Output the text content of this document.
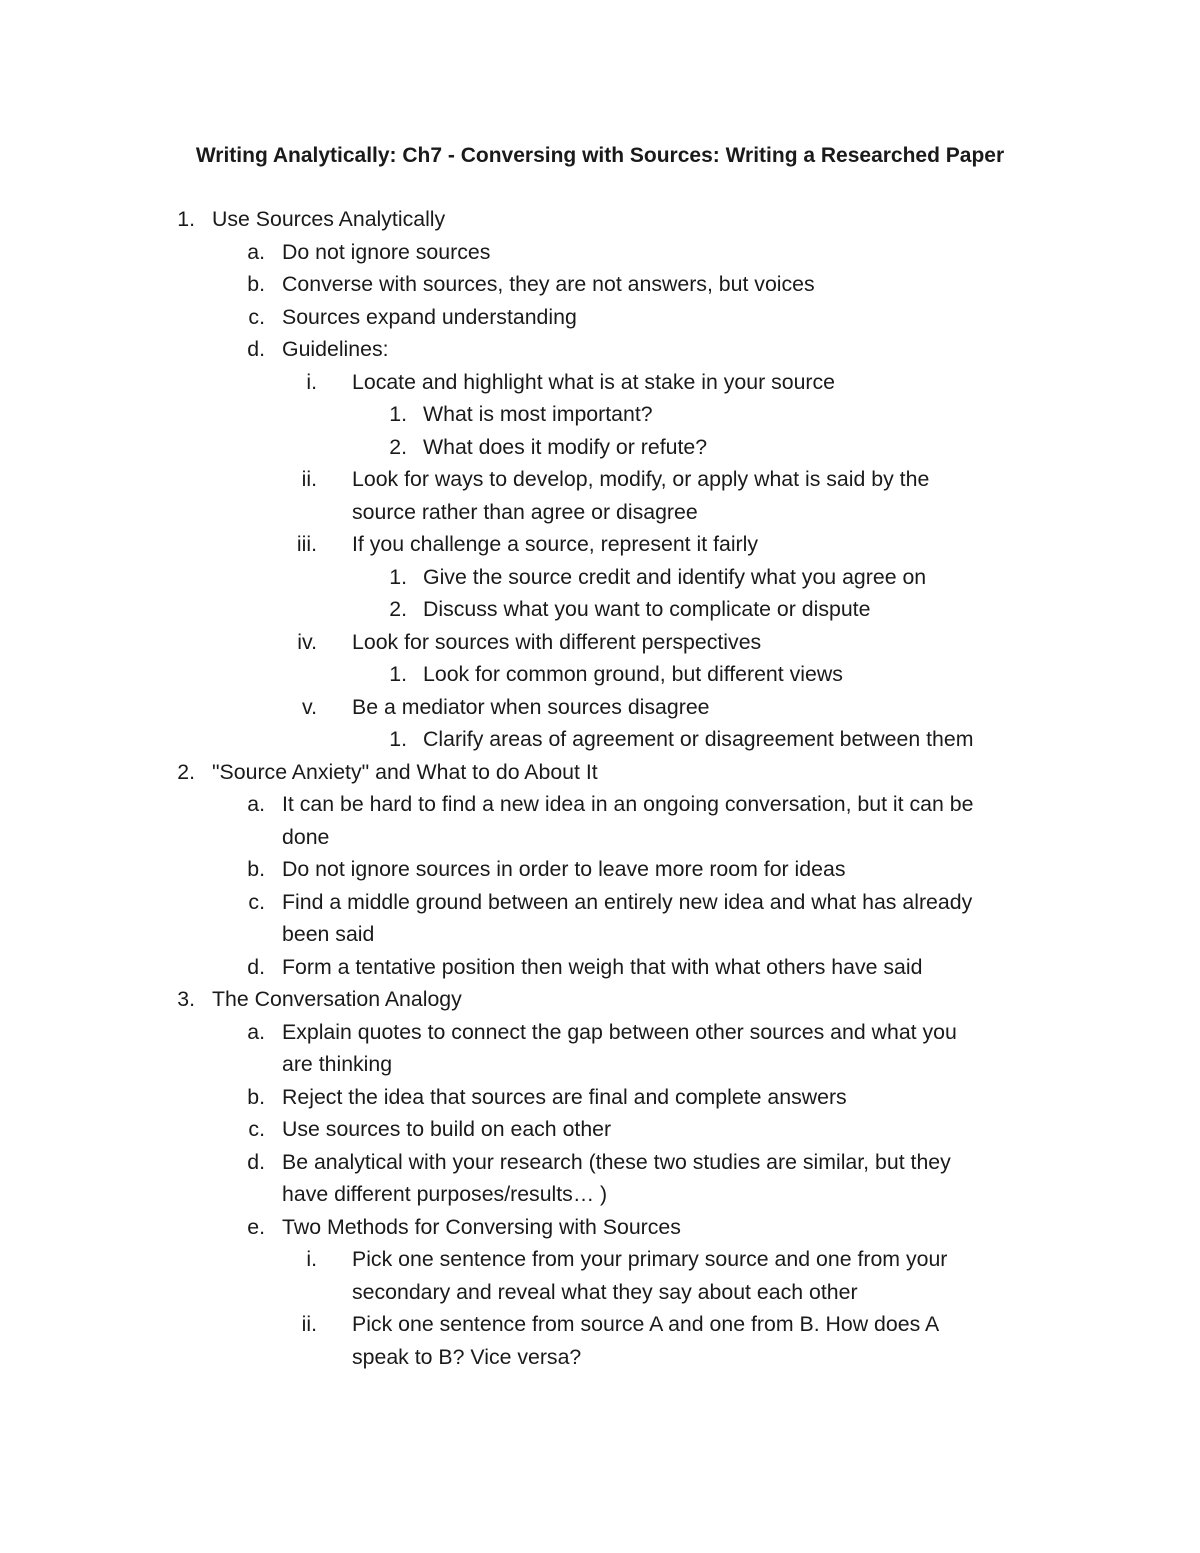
Writing Analytically: Ch7 - Conversing with Sources: Writing a Researched Paper
1. Use Sources Analytically
a. Do not ignore sources
b. Converse with sources, they are not answers, but voices
c. Sources expand understanding
d. Guidelines:
i. Locate and highlight what is at stake in your source
1. What is most important?
2. What does it modify or refute?
ii. Look for ways to develop, modify, or apply what is said by the
source rather than agree or disagree
iii. If you challenge a source, represent it fairly
1. Give the source credit and identify what you agree on
2. Discuss what you want to complicate or dispute
iv. Look for sources with different perspectives
1. Look for common ground, but different views
v. Be a mediator when sources disagree
1. Clarify areas of agreement or disagreement between them
2. "Source Anxiety" and What to do About It
a. It can be hard to find a new idea in an ongoing conversation, but it can be
done
b. Do not ignore sources in order to leave more room for ideas
c. Find a middle ground between an entirely new idea and what has already
been said
d. Form a tentative position then weigh that with what others have said
3. The Conversation Analogy
a. Explain quotes to connect the gap between other sources and what you
are thinking
b. Reject the idea that sources are final and complete answers
c. Use sources to build on each other
d. Be analytical with your research (these two studies are similar, but they
have different purposes/results… )
e. Two Methods for Conversing with Sources
i. Pick one sentence from your primary source and one from your
secondary and reveal what they say about each other
ii. Pick one sentence from source A and one from B. How does A
speak to B? Vice versa?
